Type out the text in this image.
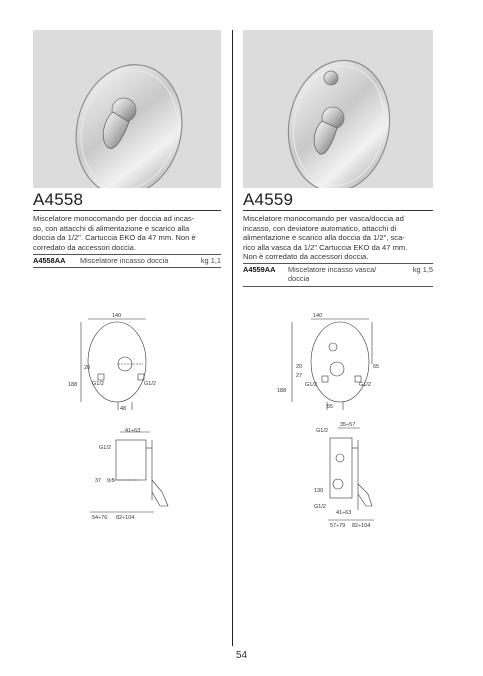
A4558
Miscelatore monocomando per doccia ad incas-
so, con attacchi di alimentazione e scarico alla
doccia da 1/2". Cartuccia EKO da 47 mm. Non è
corredato da accessori doccia.
A4558AA Miscelatore incasso doccia	kg 1,1
140
20
G1/2	G1/2
188
48
41÷63
G1/2
37 9,5
54÷76 82÷104
A4559
Miscelatore monocomando per vasca/doccia ad
incasso, con deviatore automatico, attacchi di
alimentazione e scarico alla doccia da 1/2", sca-
rico alla vasca da 1/2" Cartuccia EKO da 47 mm.
Non è corredato da accessori doccia.
A4559AA Miscelatore incasso vasca/
doccia
kg 1,5
140
20
27
65
G1/2	G1/2
188
55
G1/2
35÷57
130
G1/2
41÷63
57÷79 82÷104
54
